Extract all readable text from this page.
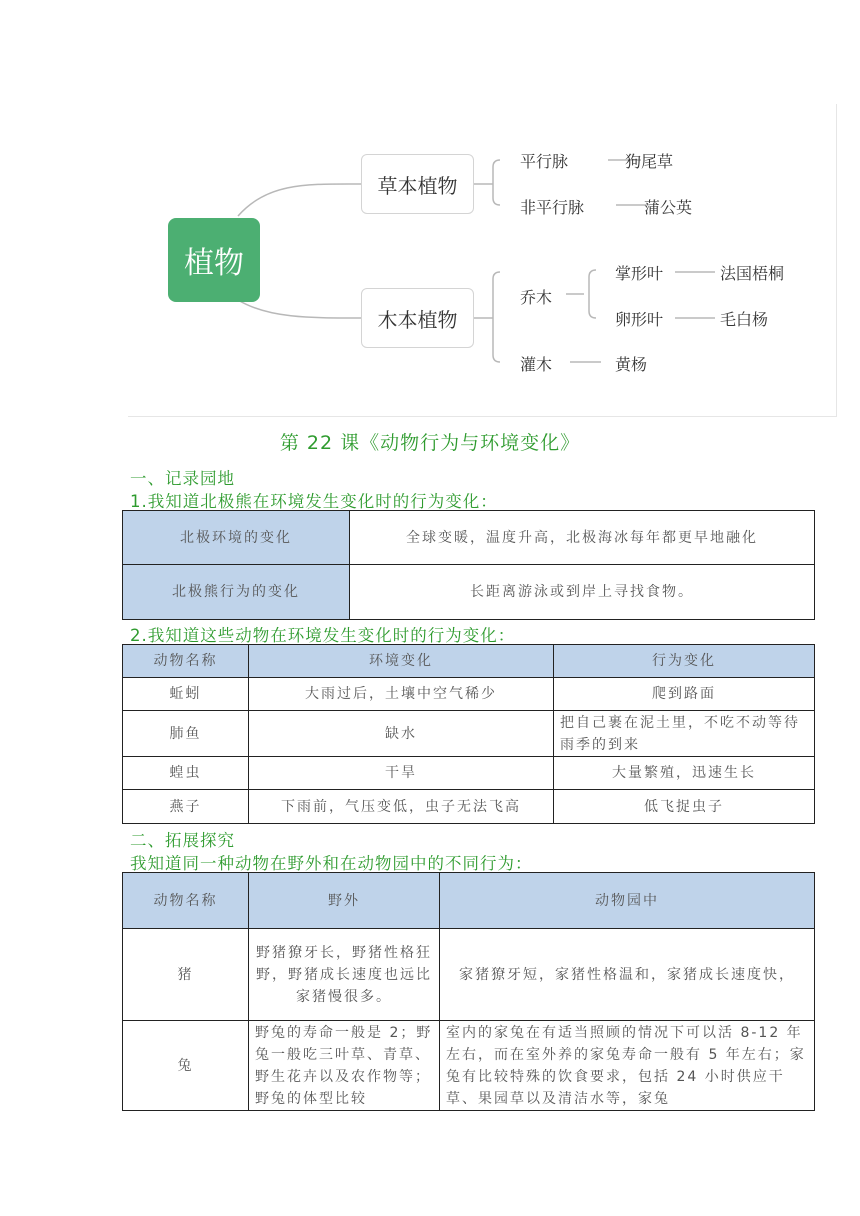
植物
草本植物
木本植物
平行脉	狗尾草
非平行脉	蒲公英
乔木
掌形叶	法国梧桐
卵形叶	毛白杨
灌木	黄杨
第 22 课《动物行为与环境变化》
一、记录园地
1.我知道北极熊在环境发生变化时的行为变化：
北极环境的变化	全球变暖，温度升高，北极海冰每年都更早地融化
北极熊行为的变化	长距离游泳或到岸上寻找食物。
2.我知道这些动物在环境发生变化时的行为变化：
动物名称	环境变化	行为变化
蚯蚓	大雨过后，土壤中空气稀少	爬到路面
肺鱼	缺水	把自己裹在泥土里，不吃不动等待雨季的到来
蝗虫	干旱	大量繁殖，迅速生长
燕子	下雨前，气压变低，虫子无法飞高	低飞捉虫子
二、拓展探究
我知道同一种动物在野外和在动物园中的不同行为：
动物名称	野外	动物园中
猪	野猪獠牙长，野猪性格狂野，野猪成长速度也远比家猪慢很多。	家猪獠牙短，家猪性格温和，家猪成长速度快，
兔	野兔的寿命一般是 2；野兔一般吃三叶草、青草、野生花卉以及农作物等；野兔的体型比较	室内的家兔在有适当照顾的情况下可以活 8-12 年左右，而在室外养的家兔寿命一般有 5 年左右；家兔有比较特殊的饮食要求，包括 24 小时供应干草、果园草以及清洁水等，家兔
